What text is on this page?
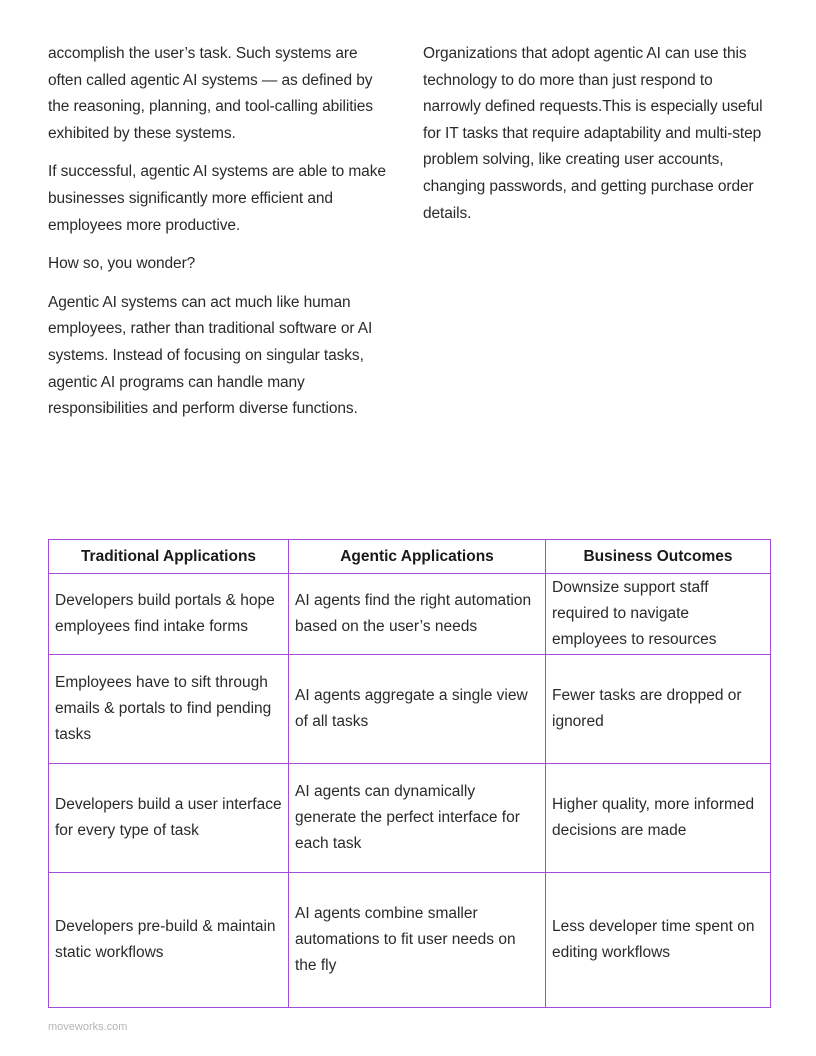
accomplish the user’s task. Such systems are often called agentic AI systems — as defined by the reasoning, planning, and tool-calling abilities exhibited by these systems.

If successful, agentic AI systems are able to make businesses significantly more efficient and employees more productive.

How so, you wonder?

Agentic AI systems can act much like human employees, rather than traditional software or AI systems. Instead of focusing on singular tasks, agentic AI programs can handle many responsibilities and perform diverse functions.

Organizations that adopt agentic AI can use this technology to do more than just respond to narrowly defined requests.This is especially useful for IT tasks that require adaptability and multi-step problem solving, like creating user accounts, changing passwords, and getting purchase order details.

Traditional Applications	Agentic Applications	Business Outcomes
Developers build portals & hope employees find intake forms	AI agents find the right automation based on the user’s needs	Downsize support staff required to navigate employees to resources
Employees have to sift through emails & portals to find pending tasks	AI agents aggregate a single view of all tasks	Fewer tasks are dropped or ignored
Developers build a user interface for every type of task	AI agents can dynamically generate the perfect interface for each task	Higher quality, more informed decisions are made
Developers pre-build & maintain static workflows	AI agents combine smaller automations to fit user needs on the fly	Less developer time spent on editing workflows
moveworks.com
